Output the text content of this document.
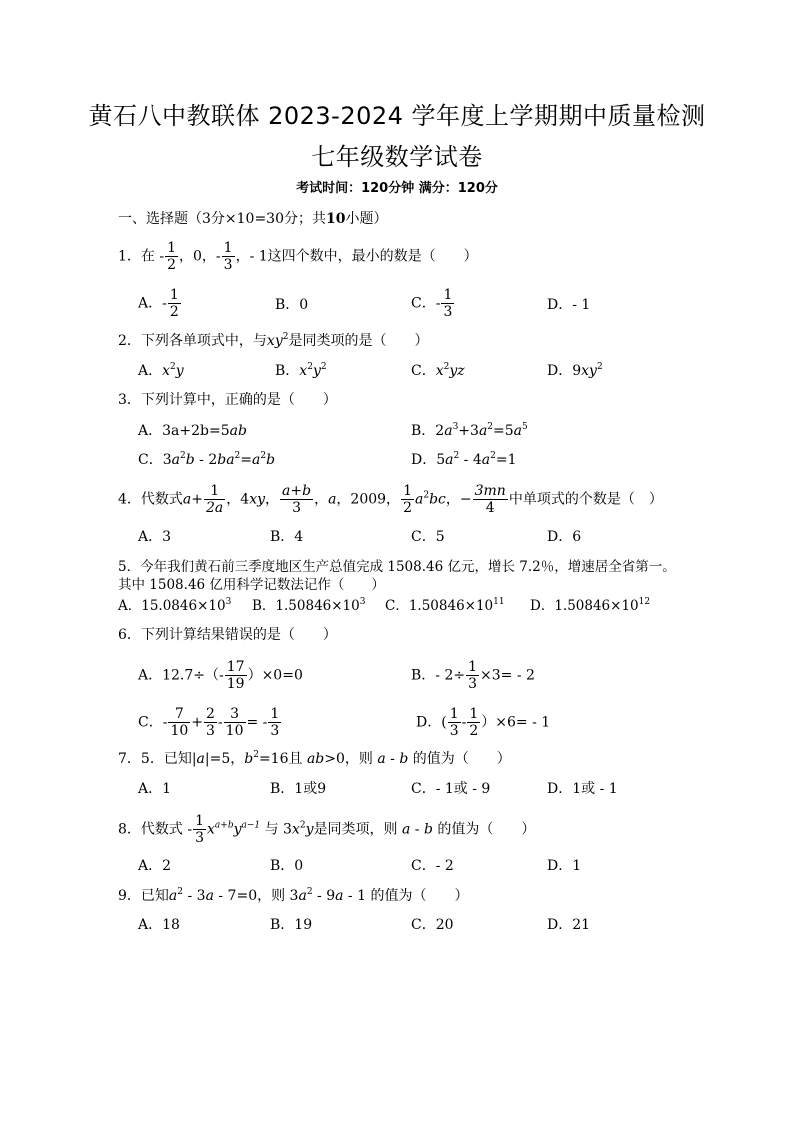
黄石八中教联体 2023-2024 学年度上学期期中质量检测
七年级数学试卷
考试时间：120分钟 满分：120分
一、选择题（3分×10=30分；共10小题）
1．在 - $\frac{1}{2}$ ，0，- $\frac{1}{3}$ ，- 1这四个数中，最小的数是（　　）
A．- $\frac{1}{2}$	B．0	C．- $\frac{1}{3}$	D．- 1
2．下列各单项式中，与$xy^2$是同类项的是（　　）
A．$x^2y$	B．$x^2y^2$	C．$x^2yz$	D．$9xy^2$
3．下列计算中，正确的是（　　）
A．3a+2b=5ab	B．$2a^3+3a^2=5a^5$
C．$3a^2b - 2ba^2=a^2b$	D．$5a^2 - 4a^2=1$
4．代数式$a+ \frac{1}{2a}$ ，4xy， $\frac{a+b}{3}$ ，a，2009， $\frac{1}{2} a^2bc$，− $\frac{3mn}{4}$ 中单项式的个数是（　）
A．3	B．4	C．5	D．6
5．今年我们黄石前三季度地区生产总值完成 1508.46 亿元，增长 7.2％，增速居全省第一。
其中 1508.46 亿用科学记数法记作（　　）
A．$15.0846\times 10^3$ B．$1.50846\times 10^3$ C．$1.50846\times 10^{11}$ D．$1.50846\times 10^{12}$
6．下列计算结果错误的是（　　）
A．$12.7\div(- \frac{17}{19} )\times 0=0$	B．- $2\div \frac{1}{3} \times 3= - 2$
C．- $\frac{7}{10} + \frac{2}{3} - \frac{3}{10}$ = - $\frac{1}{3}$	D．( $\frac{1}{3} - \frac{1}{2} )\times 6= - 1$
7．5．已知|a|=5，$b^2=16$且 ab>0，则 a - b 的值为（　　）
A．1	B．1或9	C．- 1或 - 9	D．1或 - 1
8．代数式 - $\frac{1}{3} x^{a+b}y^{a-1}$ 与 $3x^2y$是同类项，则 a - b 的值为（　　）
A．2	B．0	C．- 2	D．1
9．已知$a^2 - 3a - 7=0$，则 $3a^2 - 9a - 1$ 的值为（　　）
A．18	B．19	C．20	D．21
